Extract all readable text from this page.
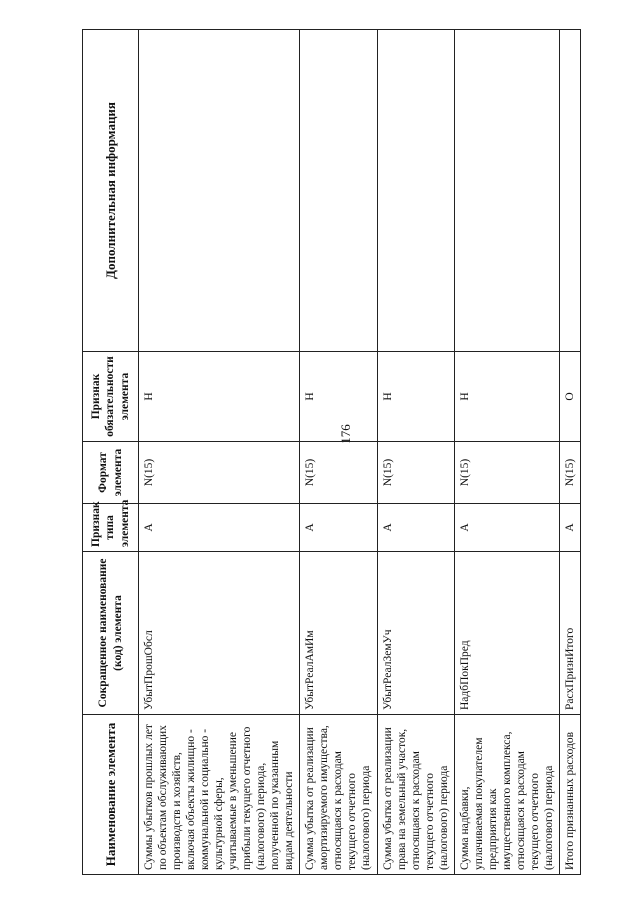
176
Наименование элемента	Сокращенное наименование (код) элемента	Признак типа элемента	Формат элемента	Признак обязательности элемента	Дополнительная информация
Суммы убытков прошлых лет по объектам обслуживающих производств и хозяйств, включая объекты жилищно - коммунальной и социально - культурной сферы, учитываемые в уменьшение прибыли текущего отчетного (налогового) периода, полученной по указанным видам деятельности	УбытПрошОбсл	А	N(15)	Н	
Сумма убытка от реализации амортизируемого имущества, относящаяся к расходам текущего отчетного (налогового) периода	УбытРеалАмИм	А	N(15)	Н	
Сумма убытка от реализации права на земельный участок, относящаяся к расходам текущего отчетного (налогового) периода	УбытРеалЗемУч	А	N(15)	Н	
Сумма надбавки, уплачиваемая покупателем предприятия как имущественного комплекса, относящаяся к расходам текущего отчетного (налогового) периода	НадбПокПред	А	N(15)	Н	
Итого признанных расходов	РасхПризнИтого	А	N(15)	О	
